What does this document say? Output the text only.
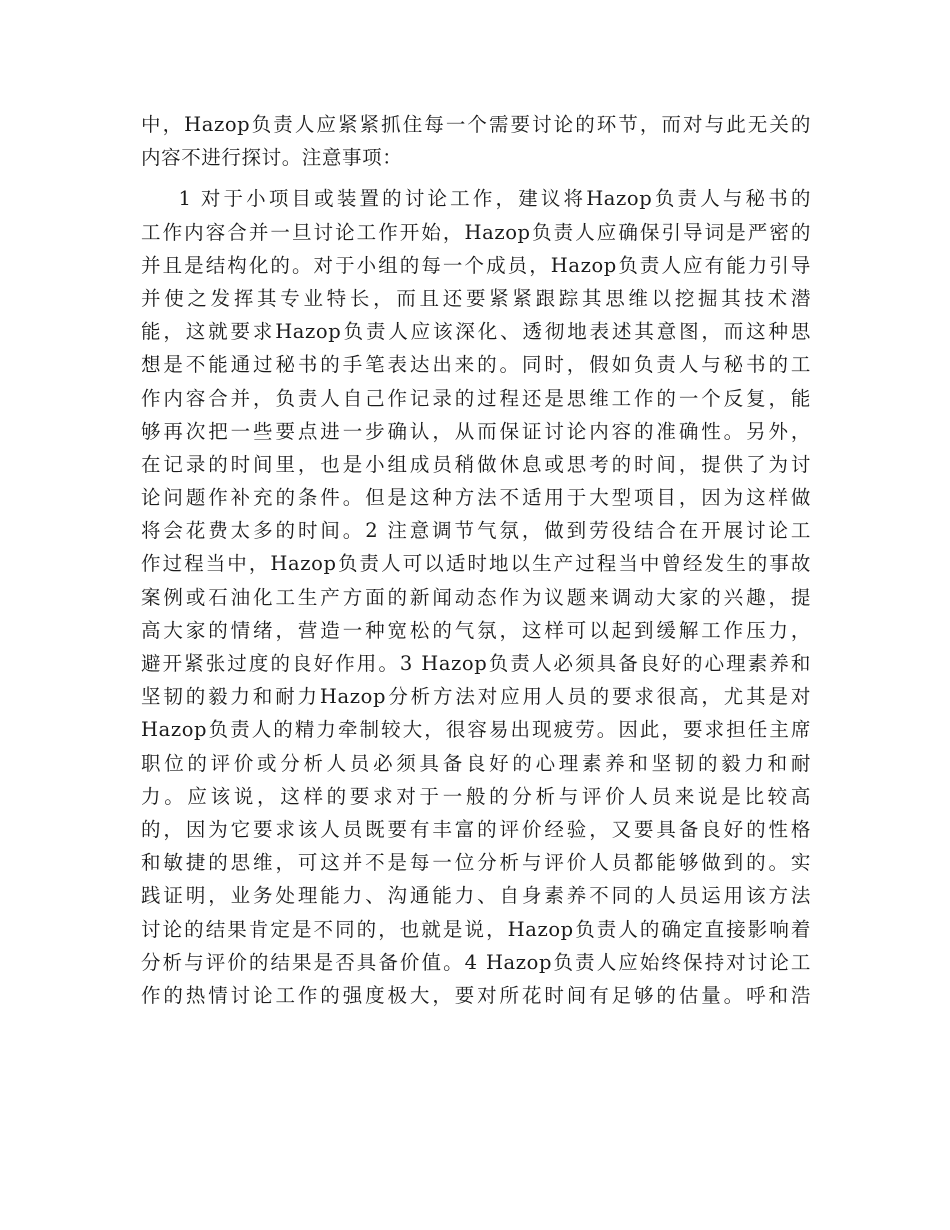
中，Hazop负责人应紧紧抓住每一个需要讨论的环节，而对与此无关的
内容不进行探讨。注意事项：
1 对于小项目或装置的讨论工作，建议将Hazop负责人与秘书的
工作内容合并一旦讨论工作开始，Hazop负责人应确保引导词是严密的
并且是结构化的。对于小组的每一个成员，Hazop负责人应有能力引导
并使之发挥其专业特长，而且还要紧紧跟踪其思维以挖掘其技术潜
能，这就要求Hazop负责人应该深化、透彻地表述其意图，而这种思
想是不能通过秘书的手笔表达出来的。同时，假如负责人与秘书的工
作内容合并，负责人自己作记录的过程还是思维工作的一个反复，能
够再次把一些要点进一步确认，从而保证讨论内容的准确性。另外，
在记录的时间里，也是小组成员稍做休息或思考的时间，提供了为讨
论问题作补充的条件。但是这种方法不适用于大型项目，因为这样做
将会花费太多的时间。2 注意调节气氛，做到劳役结合在开展讨论工
作过程当中，Hazop负责人可以适时地以生产过程当中曾经发生的事故
案例或石油化工生产方面的新闻动态作为议题来调动大家的兴趣，提
高大家的情绪，营造一种宽松的气氛，这样可以起到缓解工作压力，
避开紧张过度的良好作用。3 Hazop负责人必须具备良好的心理素养和
坚韧的毅力和耐力Hazop分析方法对应用人员的要求很高，尤其是对
Hazop负责人的精力牵制较大，很容易出现疲劳。因此，要求担任主席
职位的评价或分析人员必须具备良好的心理素养和坚韧的毅力和耐
力。应该说，这样的要求对于一般的分析与评价人员来说是比较高
的，因为它要求该人员既要有丰富的评价经验，又要具备良好的性格
和敏捷的思维，可这并不是每一位分析与评价人员都能够做到的。实
践证明，业务处理能力、沟通能力、自身素养不同的人员运用该方法
讨论的结果肯定是不同的，也就是说，Hazop负责人的确定直接影响着
分析与评价的结果是否具备价值。4 Hazop负责人应始终保持对讨论工
作的热情讨论工作的强度极大，要对所花时间有足够的估量。呼和浩
